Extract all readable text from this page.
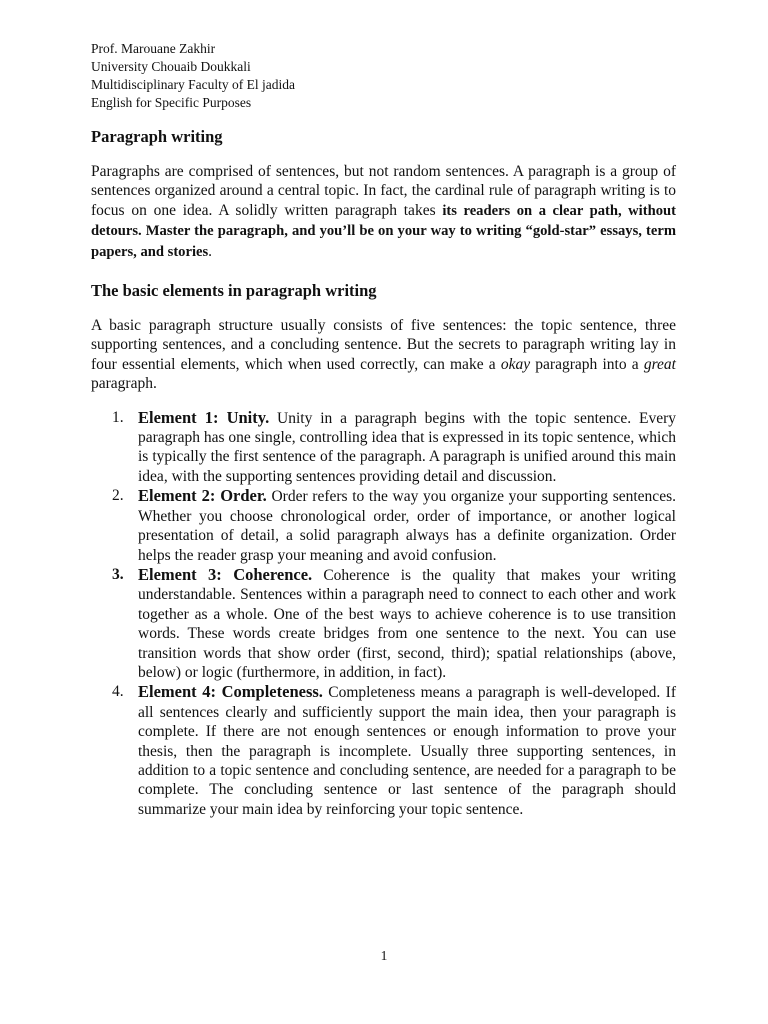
Prof. Marouane Zakhir

University Chouaib Doukkali

Multidisciplinary Faculty of El jadida

English for Specific Purposes

Paragraph writing

Paragraphs are comprised of sentences, but not random sentences. A paragraph is a group of sentences organized around a central topic. In fact, the cardinal rule of paragraph writing is to focus on one idea. A solidly written paragraph takes its readers on a clear path, without detours. Master the paragraph, and you’ll be on your way to writing “gold-star” essays, term papers, and stories.

The basic elements in paragraph writing

A basic paragraph structure usually consists of five sentences: the topic sentence, three supporting sentences, and a concluding sentence. But the secrets to paragraph writing lay in four essential elements, which when used correctly, can make a okay paragraph into a great paragraph.

1. Element 1: Unity. Unity in a paragraph begins with the topic sentence. Every paragraph has one single, controlling idea that is expressed in its topic sentence, which is typically the first sentence of the paragraph. A paragraph is unified around this main idea, with the supporting sentences providing detail and discussion.
2. Element 2: Order. Order refers to the way you organize your supporting sentences. Whether you choose chronological order, order of importance, or another logical presentation of detail, a solid paragraph always has a definite organization. Order helps the reader grasp your meaning and avoid confusion.
3. Element 3: Coherence. Coherence is the quality that makes your writing understandable. Sentences within a paragraph need to connect to each other and work together as a whole. One of the best ways to achieve coherence is to use transition words. These words create bridges from one sentence to the next. You can use transition words that show order (first, second, third); spatial relationships (above, below) or logic (furthermore, in addition, in fact).
4. Element 4: Completeness. Completeness means a paragraph is well-developed. If all sentences clearly and sufficiently support the main idea, then your paragraph is complete. If there are not enough sentences or enough information to prove your thesis, then the paragraph is incomplete. Usually three supporting sentences, in addition to a topic sentence and concluding sentence, are needed for a paragraph to be complete. The concluding sentence or last sentence of the paragraph should summarize your main idea by reinforcing your topic sentence.
1
